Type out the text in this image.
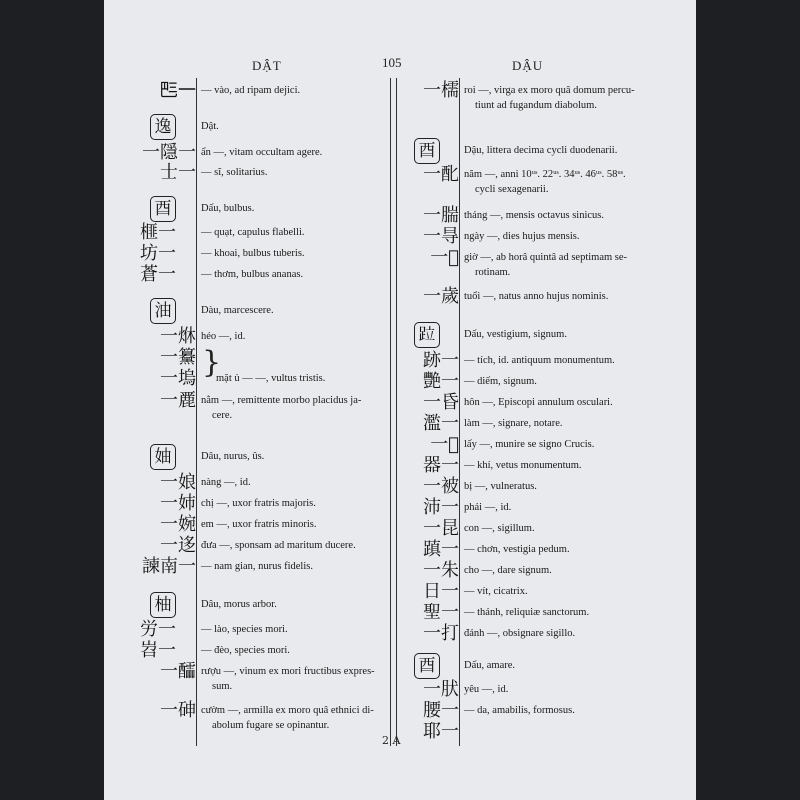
DẬT	105	DẬU
𠀧一 — vào, ad ripam dejici.
逸	Dật.
一隱一 ẩn —, vitam occultam agere.
士一 — sĩ, solitarius.
酉	Dấu, bulbus.
榧一 — quạt, capulus flabelli.
坊一 — khoai, bulbus tuberis.
蒼一 — thơm, bulbus ananas.
油	Dàu, marcescere.
一烌 héo —, id.
一䵵
一塢 mặt ủ — —, vultus tristis.
}
一䴡 nằm —, remittente morbo placidus ja-
cere.
妯	Dâu, nurus, ûs.
一娘 nàng —, id.
一姉 chị —, uxor fratris majoris.
一婉 em —, uxor fratris minoris.
一迻 đưa —, sponsam ad maritum ducere.
諫南一 — nam gian, nurus fidelis.
柚	Dâu, morus arbor.
労一 — lào, species mori.
岧一 — đèo, species mori.
一醽 rượu —, vinum ex mori fructibus expres-
sum.
一砷 cườm —, armilla ex moro quâ ethnici di-
abolum fugare se opinantur.
一檽 roi —, virga ex moro quâ domum percu-
tiunt ad fugandum diabolum.
酉	Dậu, littera decima cycli duodenarii.
一䣥 năm —, anni 10ᵘˢ. 22ᵘˢ. 34ᵘˢ. 46ᵘˢ. 58ᵘˢ.
cycli sexagenarii.
一腨 tháng —, mensis octavus sinicus.
一㝵 ngày —, dies hujus mensis.
一𣇞 giờ —, ab horâ quintâ ad septimam se-
rotinam.
一歲 tuổi —, natus anno hujus nominis.
𨀎	Dấu, vestigium, signum.
跡一 — tích, id. antiquum monumentum.
艷一 — diếm, signum.
一昏 hôn —, Episcopi annulum osculari.
濫一 làm —, signare, notare.
一𥛉 lấy —, munire se signo Crucis.
器一 — khí, vetus monumentum.
一被 bị —, vulneratus.
沛一 phải —, id.
一昆 con —, sigillum.
蹎一 — chơn, vestigia pedum.
一朱 cho —, dare signum.
日一 — vít, cicatrix.
聖一 — thánh, reliquiæ sanctorum.
一打 đánh —, obsignare sigillo.
酉	Dấu, amare.
一肰 yêu —, id.
腰一 — da, amabilis, formosus.
耶一
2 A
